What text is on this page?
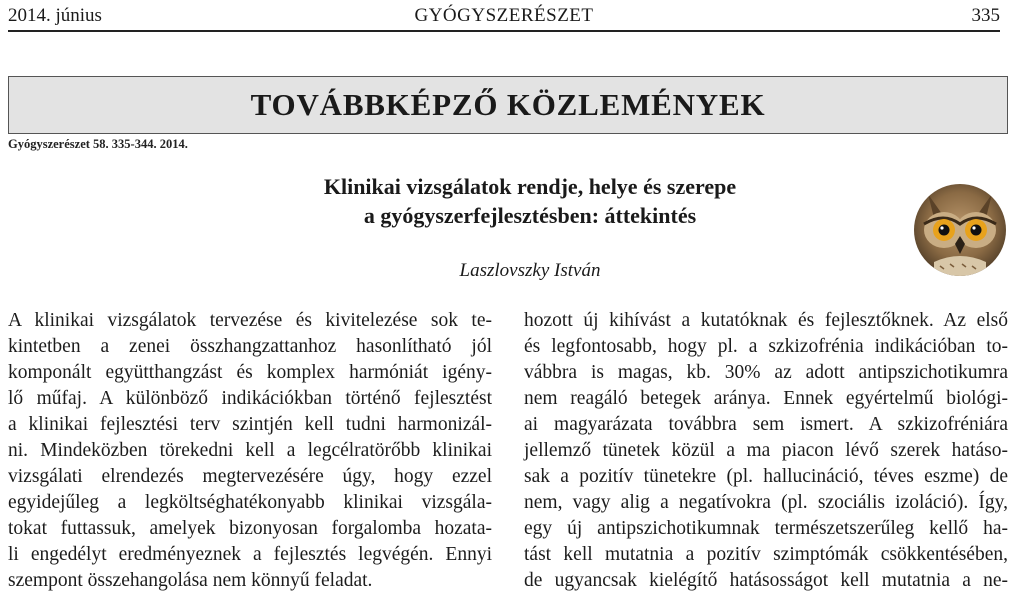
2014. június	GYÓGYSZERÉSZET	335
TOVÁBBKÉPZŐ KÖZLEMÉNYEK
Gyógyszerészet 58. 335-344. 2014.
Klinikai vizsgálatok rendje, helye és szerepe
a gyógyszerfejlesztésben: áttekintés
Laszlovszky István
A klinikai vizsgálatok tervezése és kivitelezése sok te-
kintetben a zenei összhangzattanhoz hasonlítható jól
komponált együtthangzást és komplex harmóniát igény-
lő műfaj. A különböző indikációkban történő fejlesztést
a klinikai fejlesztési terv szintjén kell tudni harmonizál-
ni. Mindeközben törekedni kell a legcélratörőbb klinikai
vizsgálati elrendezés megtervezésére úgy, hogy ezzel
egyidejűleg a legköltséghatékonyabb klinikai vizsgála-
tokat futtassuk, amelyek bizonyosan forgalomba hozata-
li engedélyt eredményeznek a fejlesztés legvégén. Ennyi
szempont összehangolása nem könnyű feladat.
hozott új kihívást a kutatóknak és fejlesztőknek. Az első
és legfontosabb, hogy pl. a szkizofrénia indikációban to-
vábbra is magas, kb. 30% az adott antipszichotikumra
nem reagáló betegek aránya. Ennek egyértelmű biológi-
ai magyarázata továbbra sem ismert. A szkizofréniára
jellemző tünetek közül a ma piacon lévő szerek hatáso-
sak a pozitív tünetekre (pl. hallucináció, téves eszme) de
nem, vagy alig a negatívokra (pl. szociális izoláció). Így,
egy új antipszichotikumnak természetszerűleg kellő ha-
tást kell mutatnia a pozitív szimptómák csökkentésében,
de ugyancsak kielégítő hatásosságot kell mutatnia a ne-
